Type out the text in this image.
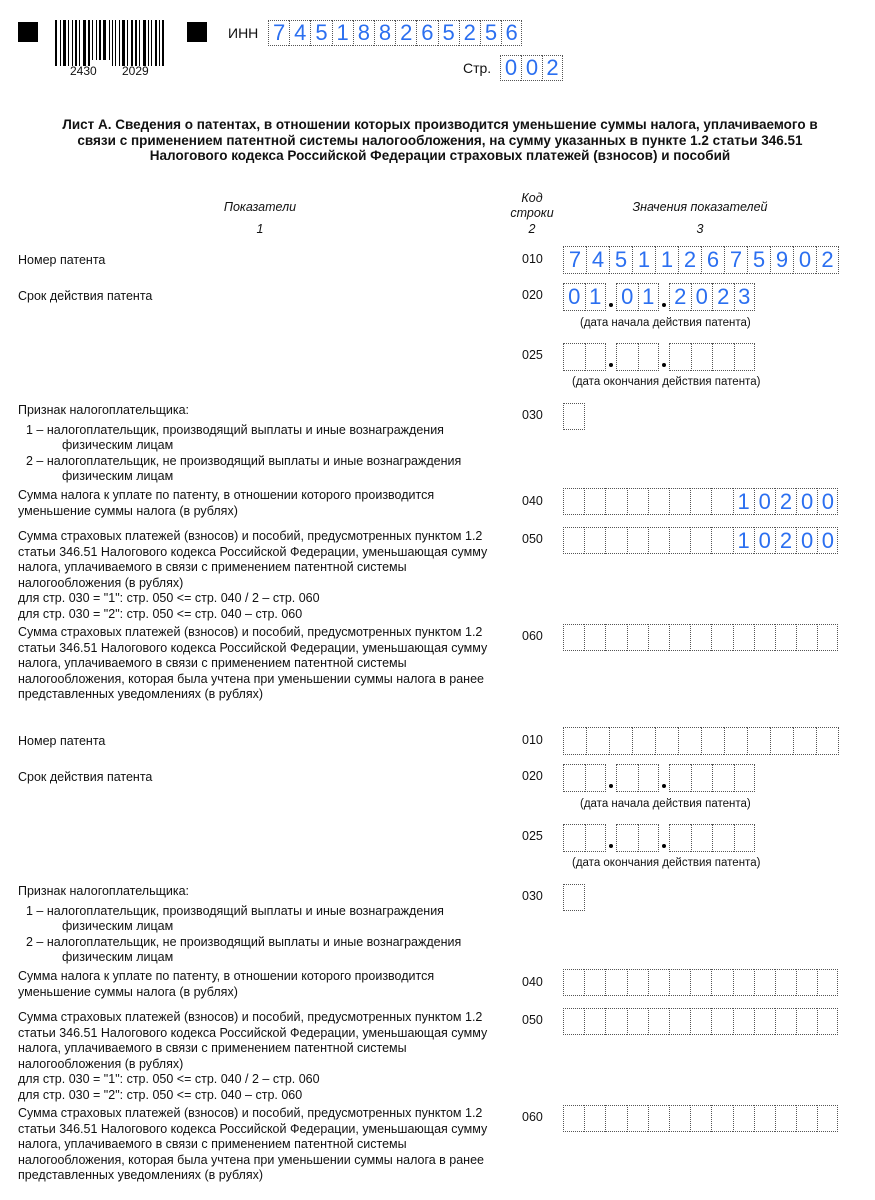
2430 2029
ИНН 7 4 5 1 8 8 2 6 5 2 5 6
Стр. 0 0 2
Лист А. Сведения о патентах, в отношении которых производится уменьшение суммы налога, уплачиваемого в связи с применением патентной системы налогообложения, на сумму указанных в пункте 1.2 статьи 346.51 Налогового кодекса Российской Федерации страховых платежей (взносов) и пособий
Показатели
1
Код строки
2
Значения показателей
3
Номер патента	010 7 4 5 1 1 2 6 7 5 9 0 2
Срок действия патента	020 0 1 0 1 2 0 2 3
(дата начала действия патента)
025
(дата окончания действия патента)
Признак налогоплательщика:
1 – налогоплательщик, производящий выплаты и иные вознаграждения
физическим лицам
2 – налогоплательщик, не производящий выплаты и иные вознаграждения
физическим лицам
030
Сумма налога к уплате по патенту, в отношении которого производится уменьшение суммы налога (в рублях)
040	1 0 2 0 0
Сумма страховых платежей (взносов) и пособий, предусмотренных пунктом 1.2 статьи 346.51 Налогового кодекса Российской Федерации, уменьшающая сумму налога, уплачиваемого в связи с применением патентной системы налогообложения (в рублях)
для стр. 030 = "1": стр. 050 <= стр. 040 / 2 – стр. 060
для стр. 030 = "2": стр. 050 <= стр. 040 – стр. 060
050	1 0 2 0 0
Сумма страховых платежей (взносов) и пособий, предусмотренных пунктом 1.2 статьи 346.51 Налогового кодекса Российской Федерации, уменьшающая сумму налога, уплачиваемого в связи с применением патентной системы налогообложения, которая была учтена при уменьшении суммы налога в ранее представленных уведомлениях (в рублях)
060
Номер патента	010
Срок действия патента	020
(дата начала действия патента)
025
(дата окончания действия патента)
Признак налогоплательщика:
1 – налогоплательщик, производящий выплаты и иные вознаграждения
физическим лицам
2 – налогоплательщик, не производящий выплаты и иные вознаграждения
физическим лицам
030
Сумма налога к уплате по патенту, в отношении которого производится уменьшение суммы налога (в рублях)
040
Сумма страховых платежей (взносов) и пособий, предусмотренных пунктом 1.2 статьи 346.51 Налогового кодекса Российской Федерации, уменьшающая сумму налога, уплачиваемого в связи с применением патентной системы налогообложения (в рублях)
для стр. 030 = "1": стр. 050 <= стр. 040 / 2 – стр. 060
для стр. 030 = "2": стр. 050 <= стр. 040 – стр. 060
050
Сумма страховых платежей (взносов) и пособий, предусмотренных пунктом 1.2 статьи 346.51 Налогового кодекса Российской Федерации, уменьшающая сумму налога, уплачиваемого в связи с применением патентной системы налогообложения, которая была учтена при уменьшении суммы налога в ранее представленных уведомлениях (в рублях)
060
